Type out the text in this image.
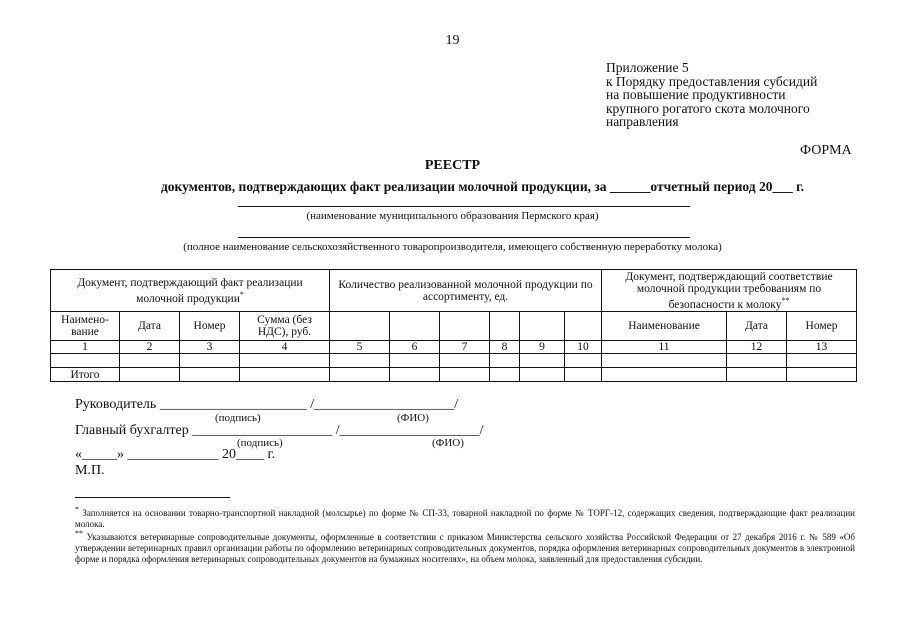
19
Приложение 5
к Порядку предоставления субсидий
на повышение продуктивности
крупного рогатого скота молочного
направления
ФОРМА
РЕЕСТР
документов, подтверждающих факт реализации молочной продукции, за ______отчетный период 20___ г.
(наименование муниципального образования Пермского края)
(полное наименование сельскохозяйственного товаропроизводителя, имеющего собственную переработку молока)
Документ, подтверждающий факт реализации молочной продукции*				Количество реализованной молочной продукции по ассортименту, ед.						Документ, подтверждающий соответствие молочной продукции требованиям по безопасности к молоку**
Наимено-вание	Дата	Номер	Сумма (без НДС), руб.							Наименование	Дата	Номер
1	2	3	4	5	6	7	8	9	10	11	12	13

Итого												
Руководитель _____________________ /____________________/
(подпись)	(ФИО)
Главный бухгалтер ____________________ /____________________/
(подпись)	(ФИО)
«_____» _____________ 20____ г.
М.П.
* Заполняется на основании товарно-транспортной накладной (молсырье) по форме № СП-33, товарной накладной по форме № ТОРГ-12, содержащих сведения, подтверждающие факт реализации молока.
** Указываются ветеринарные сопроводительные документы, оформленные в соответствии с приказом Министерства сельского хозяйства Российской Федерации от 27 декабря 2016 г. № 589 «Об утверждении ветеринарных правил организации работы по оформлению ветеринарных сопроводительных документов, порядка оформления ветеринарных сопроводительных документов в электронной форме и порядка оформления ветеринарных сопроводительных документов на бумажных носителях», на объем молока, заявленный для предоставления субсидии.
